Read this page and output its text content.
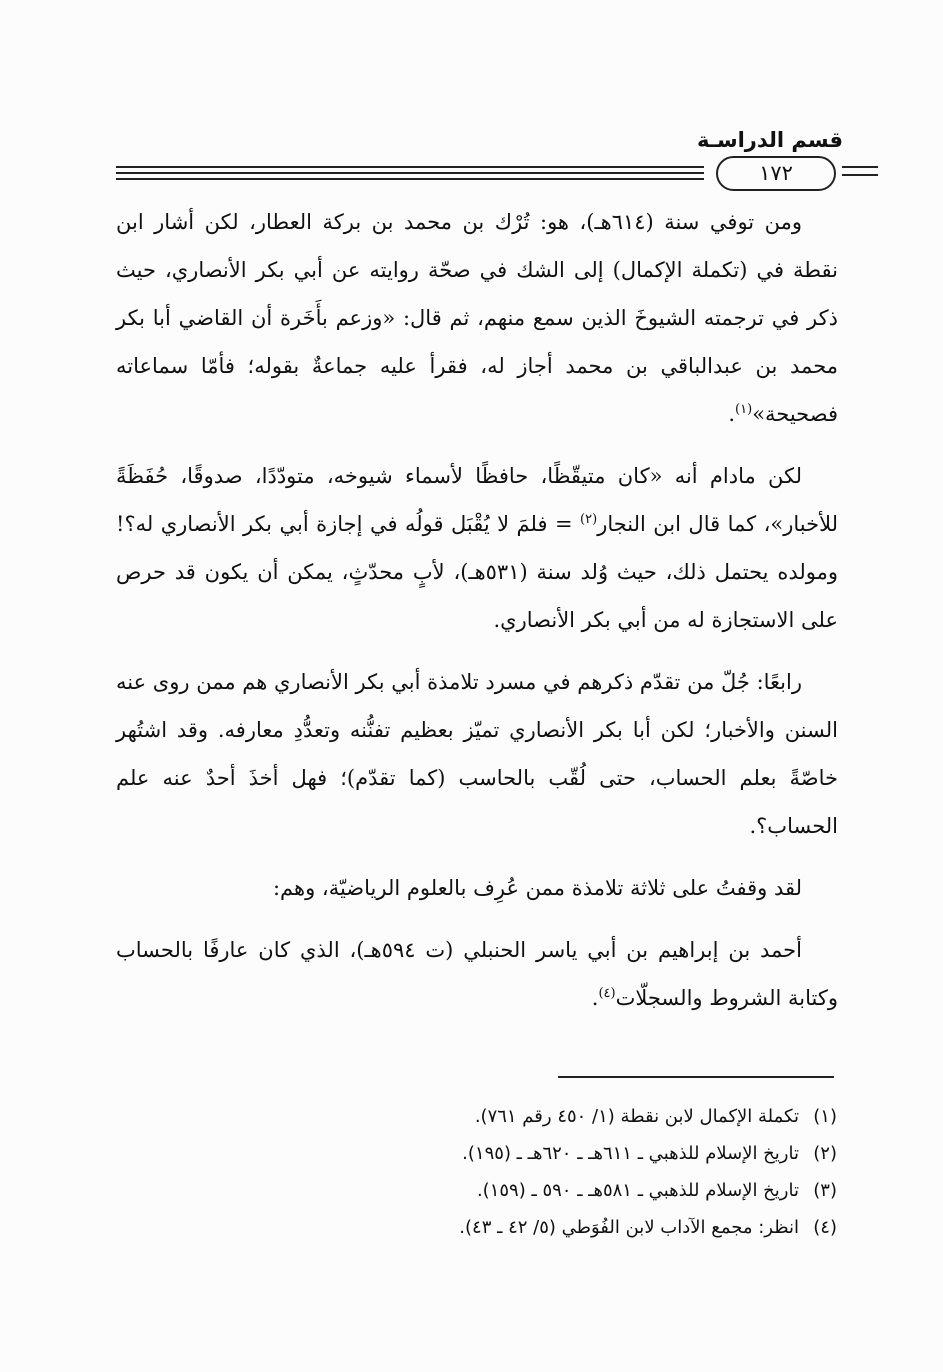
قسم الدراسـة
١٧٢

ومن توفي سنة (٦١٤هـ)، هو: تُرْك بن محمد بن بركة العطار، لكن أشار ابن نقطة في (تكملة الإكمال) إلى الشك في صحّة روايته عن أبي بكر الأنصاري، حيث ذكر في ترجمته الشيوخَ الذين سمع منهم، ثم قال: «وزعم بأَخَرة أن القاضي أبا بكر محمد بن عبدالباقي بن محمد أجاز له، فقرأ عليه جماعةٌ بقوله؛ فأمّا سماعاته فصحيحة»$^{(١)}$.

لكن مادام أنه «كان متيقّظًا، حافظًا لأسماء شيوخه، متودّدًا، صدوقًا، حُفَظَةً للأخبار»، كما قال ابن النجار$^{(٢)}$ = فلمَ لا يُقْبَل قولُه في إجازة أبي بكر الأنصاري له؟! ومولده يحتمل ذلك، حيث وُلد سنة (٥٣١هـ)، لأبٍ محدّثٍ، يمكن أن يكون قد حرص على الاستجازة له من أبي بكر الأنصاري.

رابعًا: جُلّ من تقدّم ذكرهم في مسرد تلامذة أبي بكر الأنصاري هم ممن روى عنه السنن والأخبار؛ لكن أبا بكر الأنصاري تميّز بعظيم تفنُّنه وتعدُّدِ معارفه. وقد اشتُهر خاصّةً بعلم الحساب، حتى لُقّب بالحاسب (كما تقدّم)؛ فهل أخذَ أحدٌ عنه علم الحساب؟.

لقد وقفتُ على ثلاثة تلامذة ممن عُرِف بالعلوم الرياضيّة، وهم:

أحمد بن إبراهيم بن أبي ياسر الحنبلي (ت ٥٩٤هـ)، الذي كان عارفًا بالحساب وكتابة الشروط والسجلّات$^{(٤)}$.

(١)تكملة الإكمال لابن نقطة (١/ ٤٥٠ رقم ٧٦١).
(٢)تاريخ الإسلام للذهبي ـ ٦١١هـ ـ ٦٢٠هـ ـ (١٩٥).
(٣)تاريخ الإسلام للذهبي ـ ٥٨١هـ ـ ٥٩٠ ـ (١٥٩).
(٤)انظر: مجمع الآداب لابن الفُوَطي (٥/ ٤٢ ـ ٤٣).
